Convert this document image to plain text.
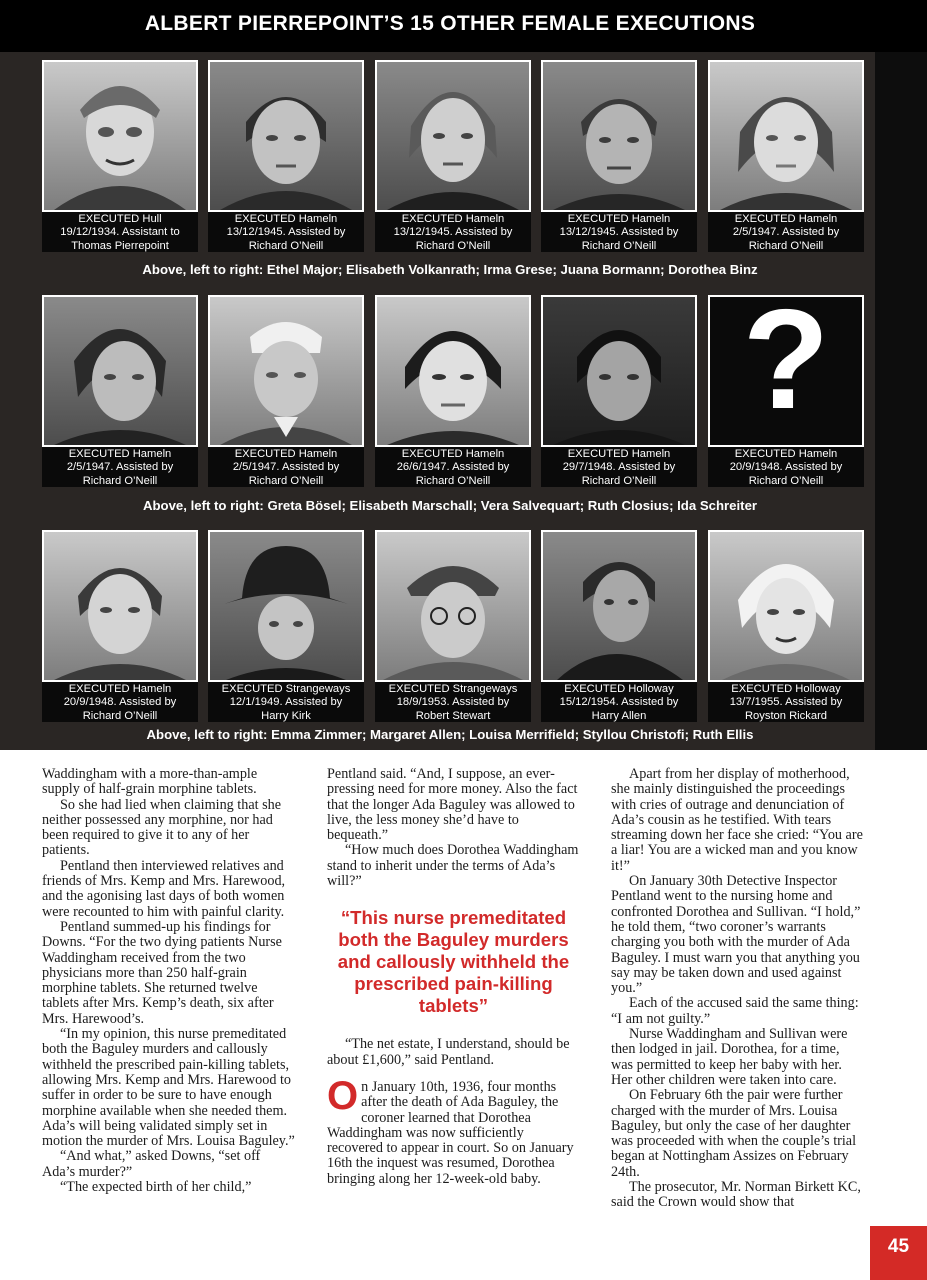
ALBERT PIERREPOINT’S 15 OTHER FEMALE EXECUTIONS
EXECUTED Hull
19/12/1934. Assistant to
Thomas Pierrepoint
EXECUTED Hameln
13/12/1945. Assisted by
Richard O’Neill
EXECUTED Hameln
13/12/1945. Assisted by
Richard O’Neill
EXECUTED Hameln
13/12/1945. Assisted by
Richard O’Neill
EXECUTED Hameln
2/5/1947. Assisted by
Richard O’Neill
Above, left to right: Ethel Major; Elisabeth Volkanrath; Irma Grese; Juana Bormann; Dorothea Binz
EXECUTED Hameln
2/5/1947. Assisted by
Richard O’Neill
EXECUTED Hameln
2/5/1947. Assisted by
Richard O’Neill
EXECUTED Hameln
26/6/1947. Assisted by
Richard O’Neill
EXECUTED Hameln
29/7/1948. Assisted by
Richard O’Neill
?
EXECUTED Hameln
20/9/1948. Assisted by
Richard O’Neill
Above, left to right: Greta Bösel; Elisabeth Marschall; Vera Salvequart; Ruth Closius; Ida Schreiter
EXECUTED Hameln
20/9/1948. Assisted by
Richard O’Neill
EXECUTED Strangeways
12/1/1949. Assisted by
Harry Kirk
EXECUTED Strangeways
18/9/1953. Assisted by
Robert Stewart
EXECUTED Holloway
15/12/1954. Assisted by
Harry Allen
EXECUTED Holloway
13/7/1955. Assisted by
Royston Rickard
Above, left to right: Emma Zimmer; Margaret Allen; Louisa Merrifield; Styllou Christofi; Ruth Ellis

Waddingham with a more-than-ample supply of half-grain morphine tablets.

So she had lied when claiming that she neither possessed any morphine, nor had been required to give it to any of her patients.

Pentland then interviewed relatives and friends of Mrs. Kemp and Mrs. Harewood, and the agonising last days of both women were recounted to him with painful clarity.

Pentland summed-up his findings for Downs. “For the two dying patients Nurse Waddingham received from the two physicians more than 250 half-grain morphine tablets. She returned twelve tablets after Mrs. Kemp’s death, six after Mrs. Harewood’s.

“In my opinion, this nurse premeditated both the Baguley murders and callously withheld the prescribed pain-killing tablets, allowing Mrs. Kemp and Mrs. Harewood to suffer in order to be sure to have enough morphine available when she needed them. Ada’s will being validated simply set in motion the murder of Mrs. Louisa Baguley.”

“And what,” asked Downs, “set off Ada’s murder?”

“The expected birth of her child,”

Pentland said. “And, I suppose, an ever-pressing need for more money. Also the fact that the longer Ada Baguley was allowed to live, the less money she’d have to bequeath.”

“How much does Dorothea Waddingham stand to inherit under the terms of Ada’s will?”

“This nurse premeditated both the Baguley murders and callously withheld the prescribed pain-killing tablets”

“The net estate, I understand, should be about £1,600,” said Pentland.

On January 10th, 1936, four months after the death of Ada Baguley, the coroner learned that Dorothea Waddingham was now sufficiently recovered to appear in court. So on January 16th the inquest was resumed, Dorothea bringing along her 12-week-old baby.

Apart from her display of motherhood, she mainly distinguished the proceedings with cries of outrage and denunciation of Ada’s cousin as he testified. With tears streaming down her face she cried: “You are a liar! You are a wicked man and you know it!”

On January 30th Detective Inspector Pentland went to the nursing home and confronted Dorothea and Sullivan. “I hold,” he told them, “two coroner’s warrants charging you both with the murder of Ada Baguley. I must warn you that anything you say may be taken down and used against you.”

Each of the accused said the same thing: “I am not guilty.”

Nurse Waddingham and Sullivan were then lodged in jail. Dorothea, for a time, was permitted to keep her baby with her. Her other children were taken into care.

On February 6th the pair were further charged with the murder of Mrs. Louisa Baguley, but only the case of her daughter was proceeded with when the couple’s trial began at Nottingham Assizes on February 24th.

The prosecutor, Mr. Norman Birkett KC, said the Crown would show that

45
